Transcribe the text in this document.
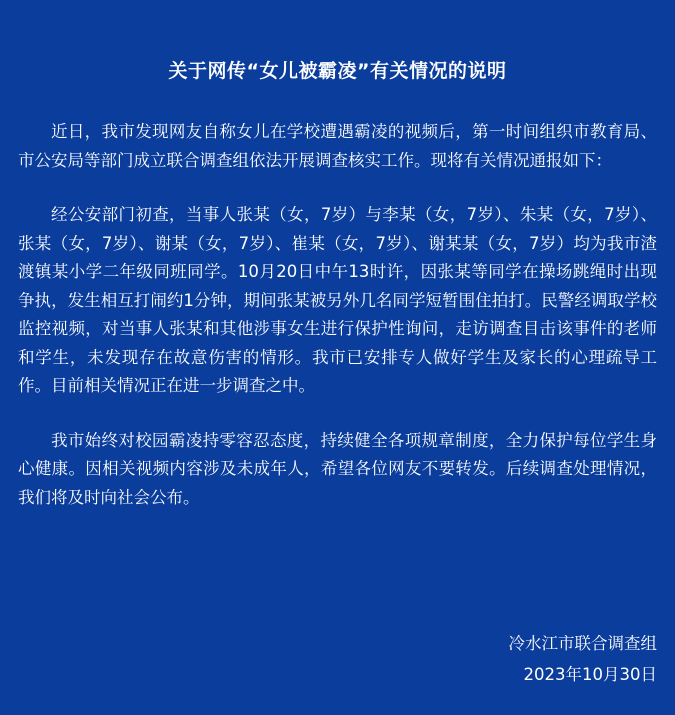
关于网传“女儿被霸凌”有关情况的说明

近日，我市发现网友自称女儿在学校遭遇霸凌的视频后，第一时间组织市教育局、市公安局等部门成立联合调查组依法开展调查核实工作。现将有关情况通报如下：

经公安部门初查，当事人张某（女，7岁）与李某（女，7岁）、朱某（女，7岁）、张某（女，7岁）、谢某（女，7岁）、崔某（女，7岁）、谢某某（女，7岁）均为我市渣渡镇某小学二年级同班同学。10月20日中午13时许，因张某等同学在操场跳绳时出现争执，发生相互打闹约1分钟，期间张某被另外几名同学短暂围住拍打。民警经调取学校监控视频，对当事人张某和其他涉事女生进行保护性询问，走访调查目击该事件的老师和学生，未发现存在故意伤害的情形。我市已安排专人做好学生及家长的心理疏导工作。目前相关情况正在进一步调查之中。

我市始终对校园霸凌持零容忍态度，持续健全各项规章制度，全力保护每位学生身心健康。因相关视频内容涉及未成年人，希望各位网友不要转发。后续调查处理情况，我们将及时向社会公布。

冷水江市联合调查组
2023年10月30日
